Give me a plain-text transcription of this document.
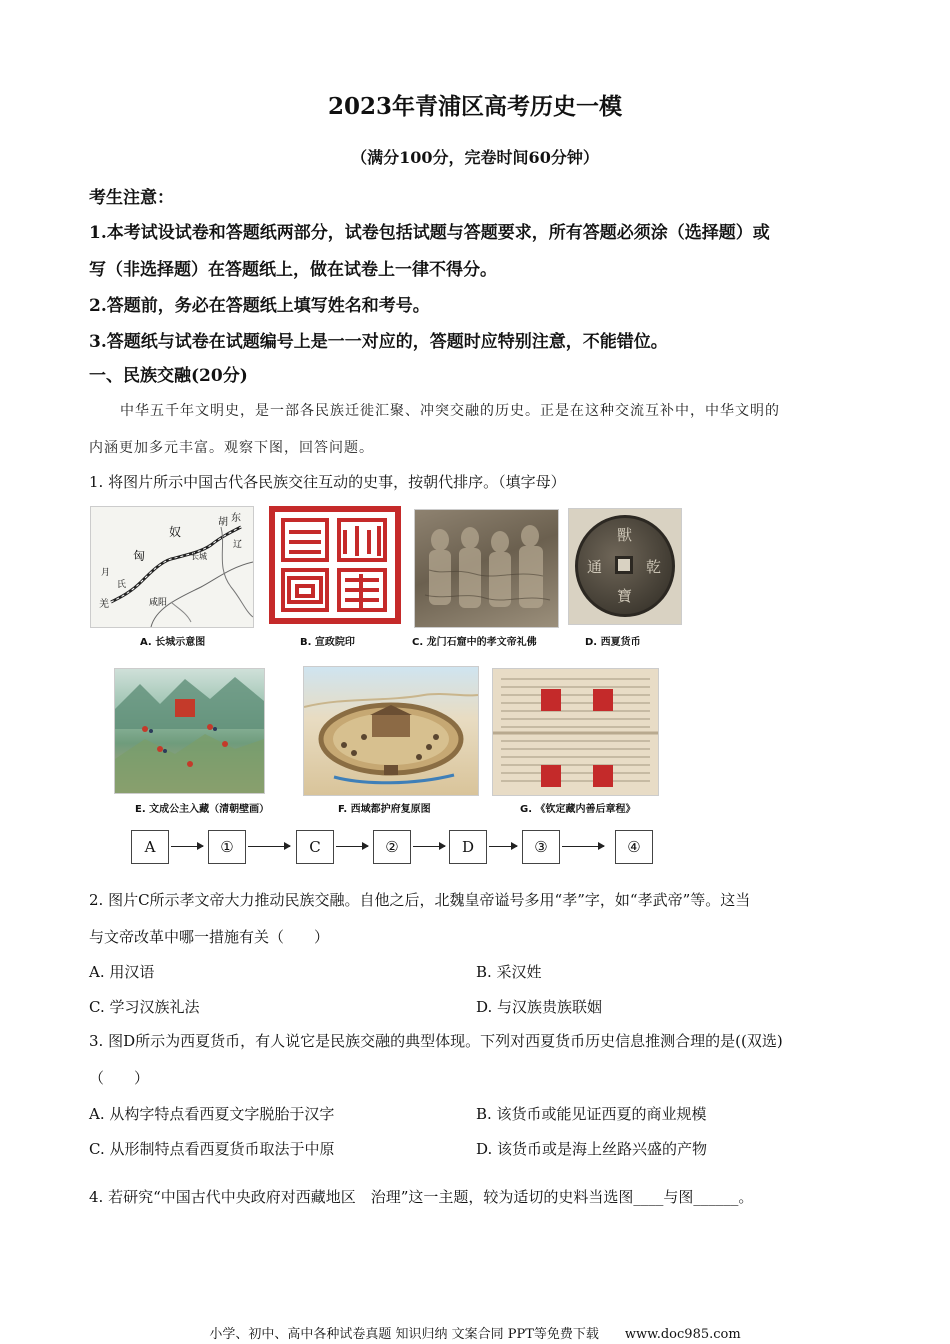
2023年青浦区高考历史一模
（满分100分，完卷时间60分钟）
考生注意：
1.本考试设试卷和答题纸两部分，试卷包括试题与答题要求，所有答题必须涂（选择题）或
写（非选择题）在答题纸上，做在试卷上一律不得分。
2.答题前，务必在答题纸上填写姓名和考号。
3.答题纸与试卷在试题编号上是一一对应的，答题时应特别注意，不能错位。
一、民族交融(20分)
中华五千年文明史，是一部各民族迁徙汇聚、冲突交融的历史。正是在这种交流互补中，中华文明的
内涵更加多元丰富。观察下图，回答问题。
1. 将图片所示中国古代各民族交往互动的史事，按朝代排序。（填字母）
胡 东
奴
辽
匈
月
氏
羌	咸阳
长城
A. 长城示意图	B. 宣政院印	C. 龙门石窟中的孝文帝礼佛
獸
寶
通	乾
D. 西夏货币
E. 文成公主入藏（清朝壁画）	F. 西域都护府复原图	G. 《钦定藏内善后章程》
A	①	C	②	D	③	④
2. 图片C所示孝文帝大力推动民族交融。自他之后，北魏皇帝谥号多用“孝”字，如“孝武帝”等。这当
与文帝改革中哪一措施有关（　　）
A. 用汉语	B. 采汉姓
C. 学习汉族礼法	D. 与汉族贵族联姻
3. 图D所示为西夏货币，有人说它是民族交融的典型体现。下列对西夏货币历史信息推测合理的是((双选)
（　　）
A. 从构字特点看西夏文字脱胎于汉字	B. 该货币或能见证西夏的商业规模
C. 从形制特点看西夏货币取法于中原	D. 该货币或是海上丝路兴盛的产物
4. 若研究“中国古代中央政府对西藏地区　治理”这一主题，较为适切的史料当选图____与图______。
小学、初中、高中各种试卷真题 知识归纳 文案合同 PPT等免费下载　　www.doc985.com
